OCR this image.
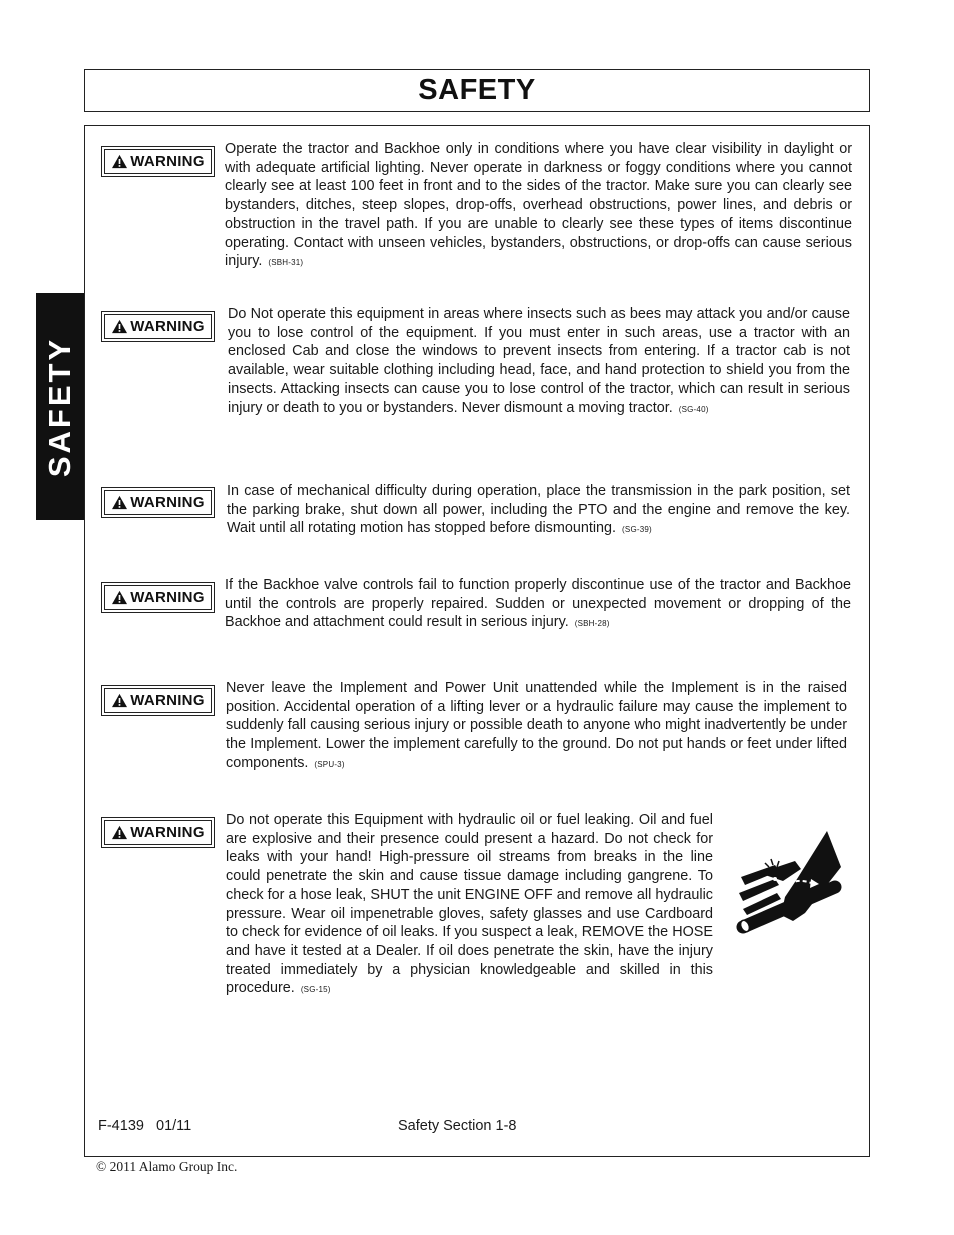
SAFETY
SAFETY
WARNING
Operate the tractor and Backhoe only in conditions where you have clear visibility in daylight or with adequate artificial lighting. Never operate in darkness or foggy conditions where you cannot clearly see at least 100 feet in front and to the sides of the tractor. Make sure you can clearly see bystanders, ditches, steep slopes, drop-offs, overhead obstructions, power lines, and debris or obstruction in the travel path. If you are unable to clearly see these types of items discontinue operating. Contact with unseen vehicles, bystanders, obstructions, or drop-offs can cause serious injury. (SBH-31)
WARNING
Do Not operate this equipment in areas where insects such as bees may attack you and/or cause you to lose control of the equipment. If you must enter in such areas, use a tractor with an enclosed Cab and close the windows to prevent insects from entering. If a tractor cab is not available, wear suitable clothing including head, face, and hand protection to shield you from the insects. Attacking insects can cause you to lose control of the tractor, which can result in serious injury or death to you or bystanders. Never dismount a moving tractor. (SG-40)
WARNING
In case of mechanical difficulty during operation, place the transmission in the park position, set the parking brake, shut down all power, including the PTO and the engine and remove the key. Wait until all rotating motion has stopped before dismounting. (SG-39)
WARNING
If the Backhoe valve controls fail to function properly discontinue use of the tractor and Backhoe until the controls are properly repaired. Sudden or unexpected movement or dropping of the Backhoe and attachment could result in serious injury. (SBH-28)
WARNING
Never leave the Implement and Power Unit unattended while the Implement is in the raised position. Accidental operation of a lifting lever or a hydraulic failure may cause the implement to suddenly fall causing serious injury or possible death to anyone who might inadvertently be under the Implement. Lower the implement carefully to the ground. Do not put hands or feet under lifted components. (SPU-3)
WARNING
Do not operate this Equipment with hydraulic oil or fuel leaking. Oil and fuel are explosive and their presence could present a hazard. Do not check for leaks with your hand! High-pressure oil streams from breaks in the line could penetrate the skin and cause tissue damage including gangrene. To check for a hose leak, SHUT the unit ENGINE OFF and remove all hydraulic pressure. Wear oil impenetrable gloves, safety glasses and use Cardboard to check for evidence of oil leaks. If you suspect a leak, REMOVE the HOSE and have it tested at a Dealer. If oil does penetrate the skin, have the injury treated immediately by a physician knowledgeable and skilled in this procedure. (SG-15)
F-4139   01/11	Safety Section 1-8
© 2011 Alamo Group Inc.
